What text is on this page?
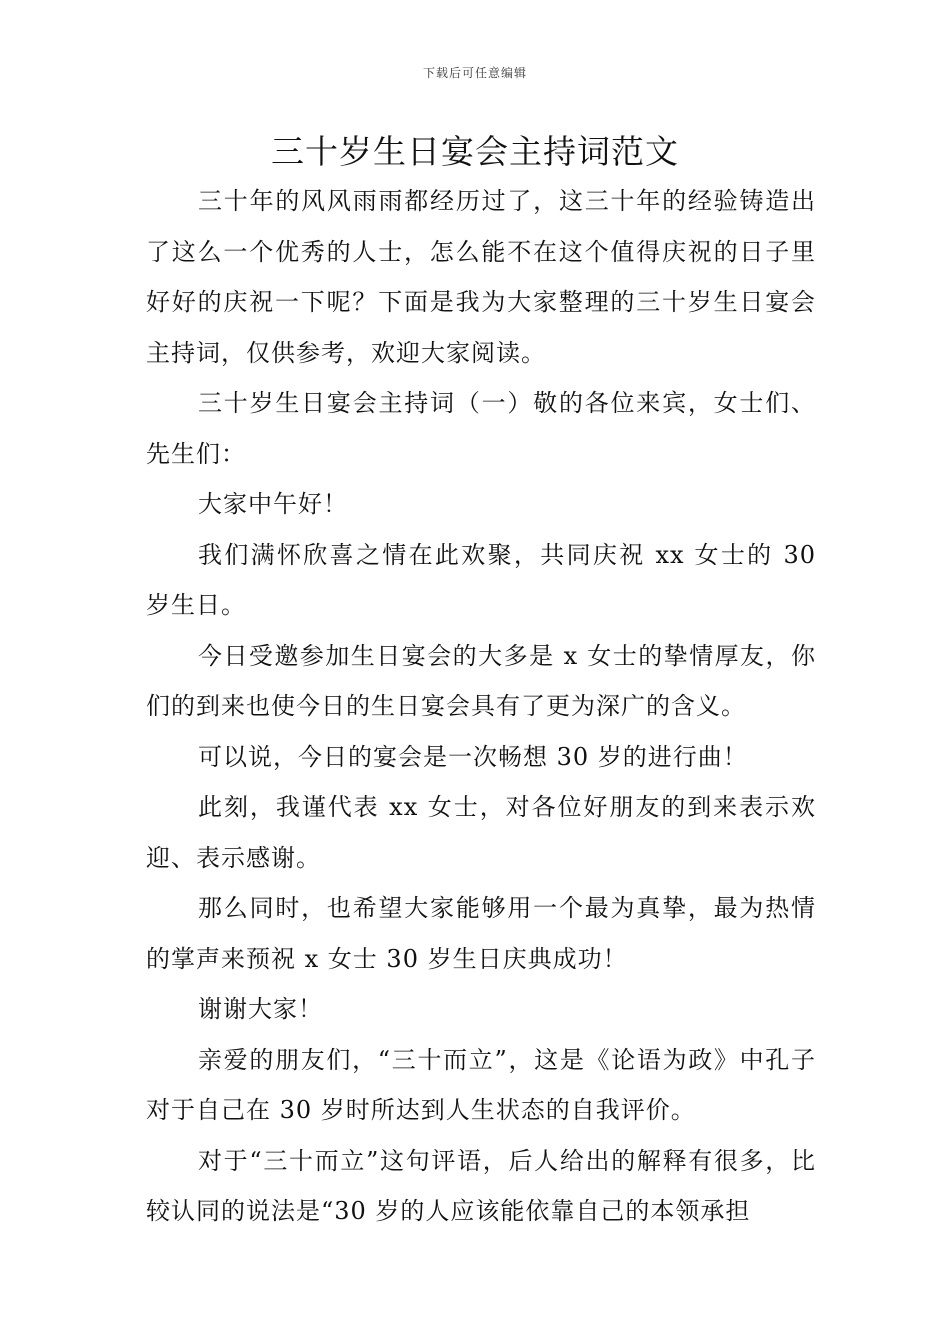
下载后可任意编辑
三十岁生日宴会主持词范文

三十年的风风雨雨都经历过了，这三十年的经验铸造出了这么一个优秀的人士，怎么能不在这个值得庆祝的日子里好好的庆祝一下呢？下面是我为大家整理的三十岁生日宴会主持词，仅供参考，欢迎大家阅读。

三十岁生日宴会主持词（一）敬的各位来宾，女士们、先生们：

大家中午好！

我们满怀欣喜之情在此欢聚，共同庆祝 xx 女士的 30 岁生日。

今日受邀参加生日宴会的大多是 x 女士的挚情厚友，你们的到来也使今日的生日宴会具有了更为深广的含义。

可以说，今日的宴会是一次畅想 30 岁的进行曲！

此刻，我谨代表 xx 女士，对各位好朋友的到来表示欢迎、表示感谢。

那么同时，也希望大家能够用一个最为真挚，最为热情的掌声来预祝 x 女士 30 岁生日庆典成功！

谢谢大家！

亲爱的朋友们，“三十而立”，这是《论语为政》中孔子对于自己在 30 岁时所达到人生状态的自我评价。

对于“三十而立”这句评语，后人给出的解释有很多，比较认同的说法是“30 岁的人应该能依靠自己的本领承担
